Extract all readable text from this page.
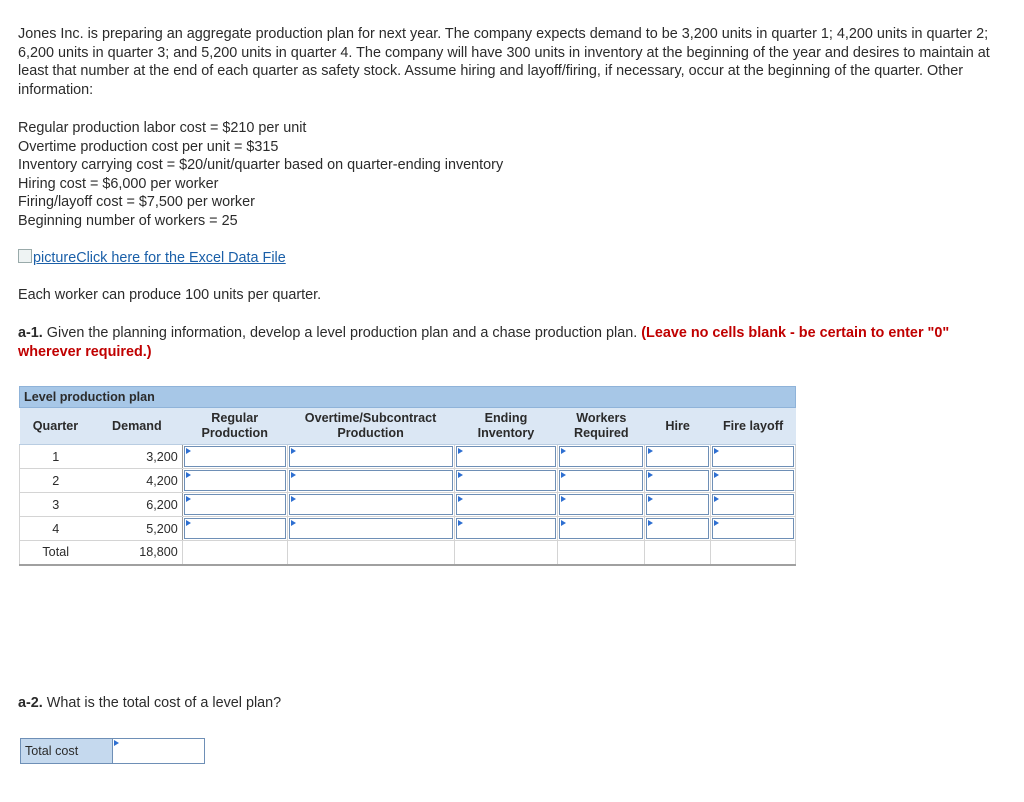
Jones Inc. is preparing an aggregate production plan for next year. The company expects demand to be 3,200 units in quarter 1; 4,200 units in quarter 2; 6,200 units in quarter 3; and 5,200 units in quarter 4. The company will have 300 units in inventory at the beginning of the year and desires to maintain at least that number at the end of each quarter as safety stock. Assume hiring and layoff/firing, if necessary, occur at the beginning of the quarter. Other information:

Regular production labor cost = $210 per unit
Overtime production cost per unit = $315
Inventory carrying cost = $20/unit/quarter based on quarter-ending inventory
Hiring cost = $6,000 per worker
Firing/layoff cost = $7,500 per worker
Beginning number of workers = 25
pictureClick here for the Excel Data File
Each worker can produce 100 units per quarter.

a-1. Given the planning information, develop a level production plan and a chase production plan. (Leave no cells blank - be certain to enter "0" wherever required.)

Level production plan							
Quarter	Demand	Regular Production	Overtime/Subcontract Production	Ending Inventory	Workers Required	Hire	Fire layoff
1	3,200	

2	4,200	

3	6,200	

4	5,200	

Total	18,800						
a-2. What is the total cost of a level plan?
Total cost
